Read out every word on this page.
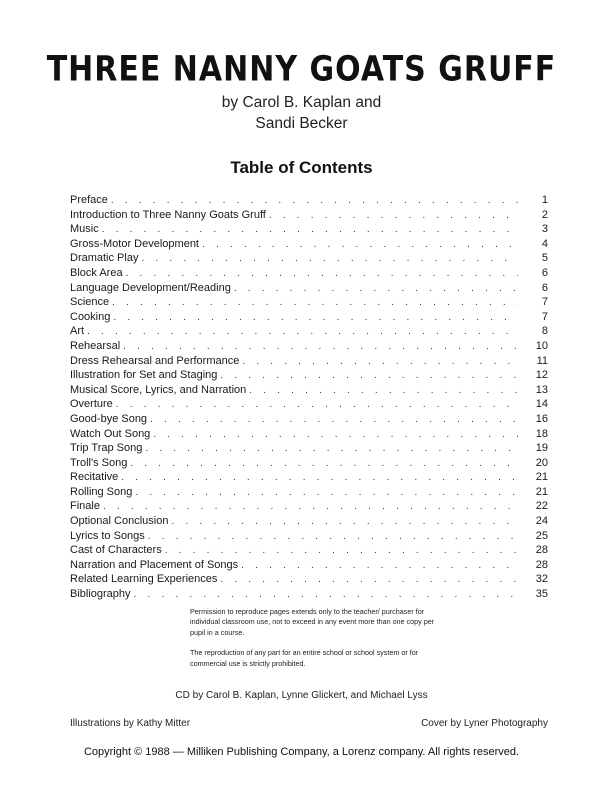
THREE NANNY GOATS GRUFF
by Carol B. Kaplan and
Sandi Becker
Table of Contents
Preface . . .	1
Introduction to Three Nanny Goats Gruff . . .	2
Music . . .	3
Gross-Motor Development . . .	4
Dramatic Play . . .	5
Block Area . . .	6
Language Development/Reading . . .	6
Science . . .	7
Cooking . . .	7
Art . . .	8
Rehearsal . . .	10
Dress Rehearsal and Performance . . .	11
Illustration for Set and Staging . . .	12
Musical Score, Lyrics, and Narration . . .	13
Overture . . .	14
Good-bye Song . . .	16
Watch Out Song . . .	18
Trip Trap Song . . .	19
Troll's Song . . .	20
Recitative . . .	21
Rolling Song . . .	21
Finale . . .	22
Optional Conclusion . . .	24
Lyrics to Songs . . .	25
Cast of Characters . . .	28
Narration and Placement of Songs . . .	28
Related Learning Experiences . . .	32
Bibliography . . .	35

Permission to reproduce pages extends only to the teacher/ purchaser for individual classroom use, not to exceed in any event more than one copy per pupil in a course.

The reproduction of any part for an entire school or school system or for commercial use is strictly prohibited.

CD by Carol B. Kaplan, Lynne Glickert, and Michael Lyss
Illustrations by Kathy Mitter	Cover by Lyner Photography
Copyright © 1988 — Milliken Publishing Company, a Lorenz company. All rights reserved.
